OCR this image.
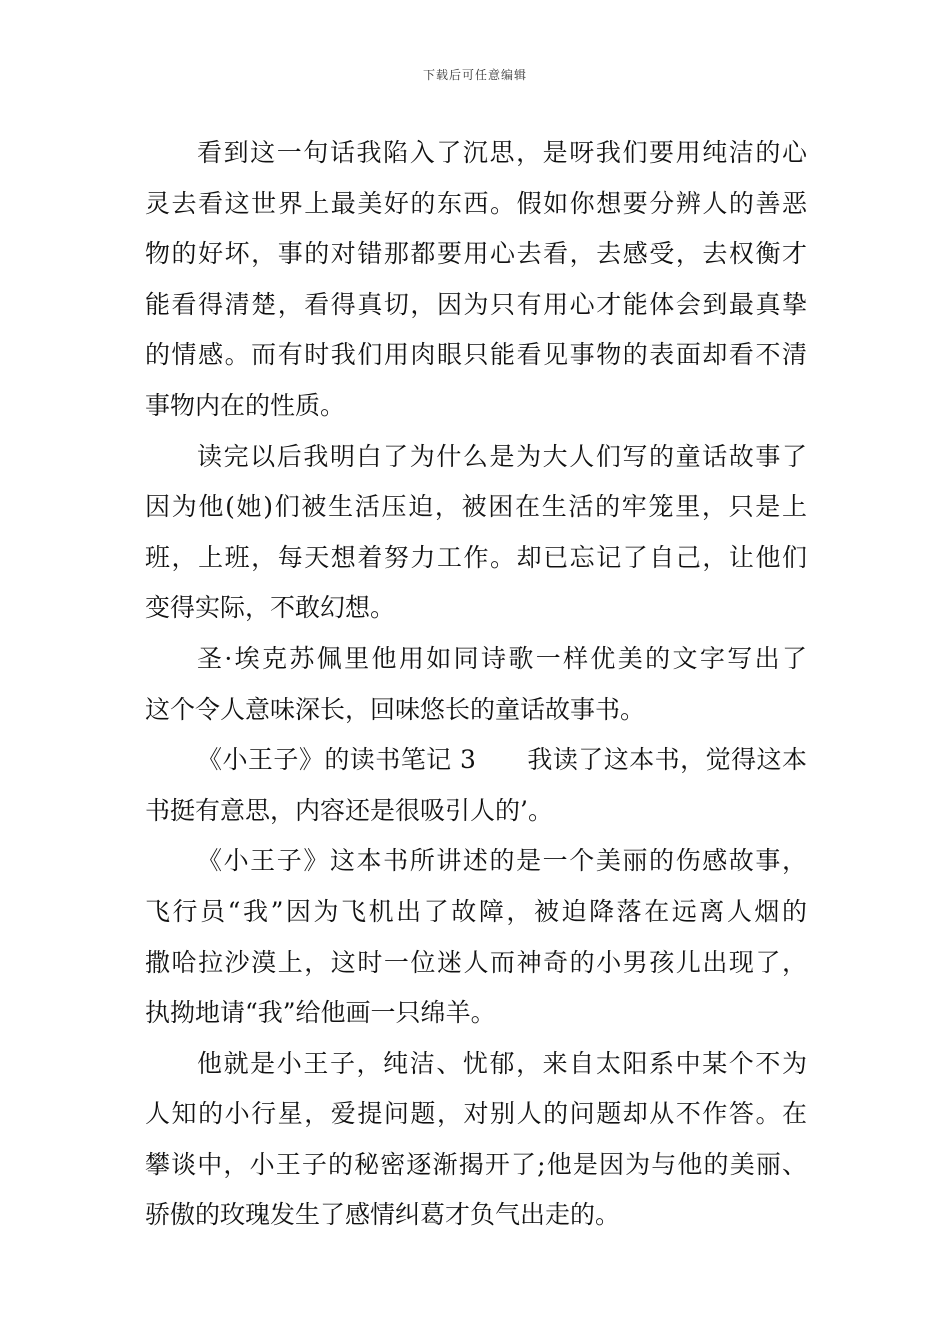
下载后可任意编辑
看到这一句话我陷入了沉思，是呀我们要用纯洁的心
灵去看这世界上最美好的东西。假如你想要分辨人的善恶
物的好坏，事的对错那都要用心去看，去感受，去权衡才
能看得清楚，看得真切，因为只有用心才能体会到最真挚
的情感。而有时我们用肉眼只能看见事物的表面却看不清
事物内在的性质。
读完以后我明白了为什么是为大人们写的童话故事了
因为他(她)们被生活压迫，被困在生活的牢笼里，只是上
班，上班，每天想着努力工作。却已忘记了自己，让他们
变得实际，不敢幻想。
圣·埃克苏佩里他用如同诗歌一样优美的文字写出了
这个令人意味深长，回味悠长的童话故事书。
《小王子》的读书笔记 3　　我读了这本书，觉得这本
书挺有意思，内容还是很吸引人的’。
《小王子》这本书所讲述的是一个美丽的伤感故事，
飞行员“我”因为飞机出了故障，被迫降落在远离人烟的
撒哈拉沙漠上，这时一位迷人而神奇的小男孩儿出现了，
执拗地请“我”给他画一只绵羊。
他就是小王子，纯洁、忧郁，来自太阳系中某个不为
人知的小行星，爱提问题，对别人的问题却从不作答。在
攀谈中，小王子的秘密逐渐揭开了;他是因为与他的美丽、
骄傲的玫瑰发生了感情纠葛才负气出走的。
